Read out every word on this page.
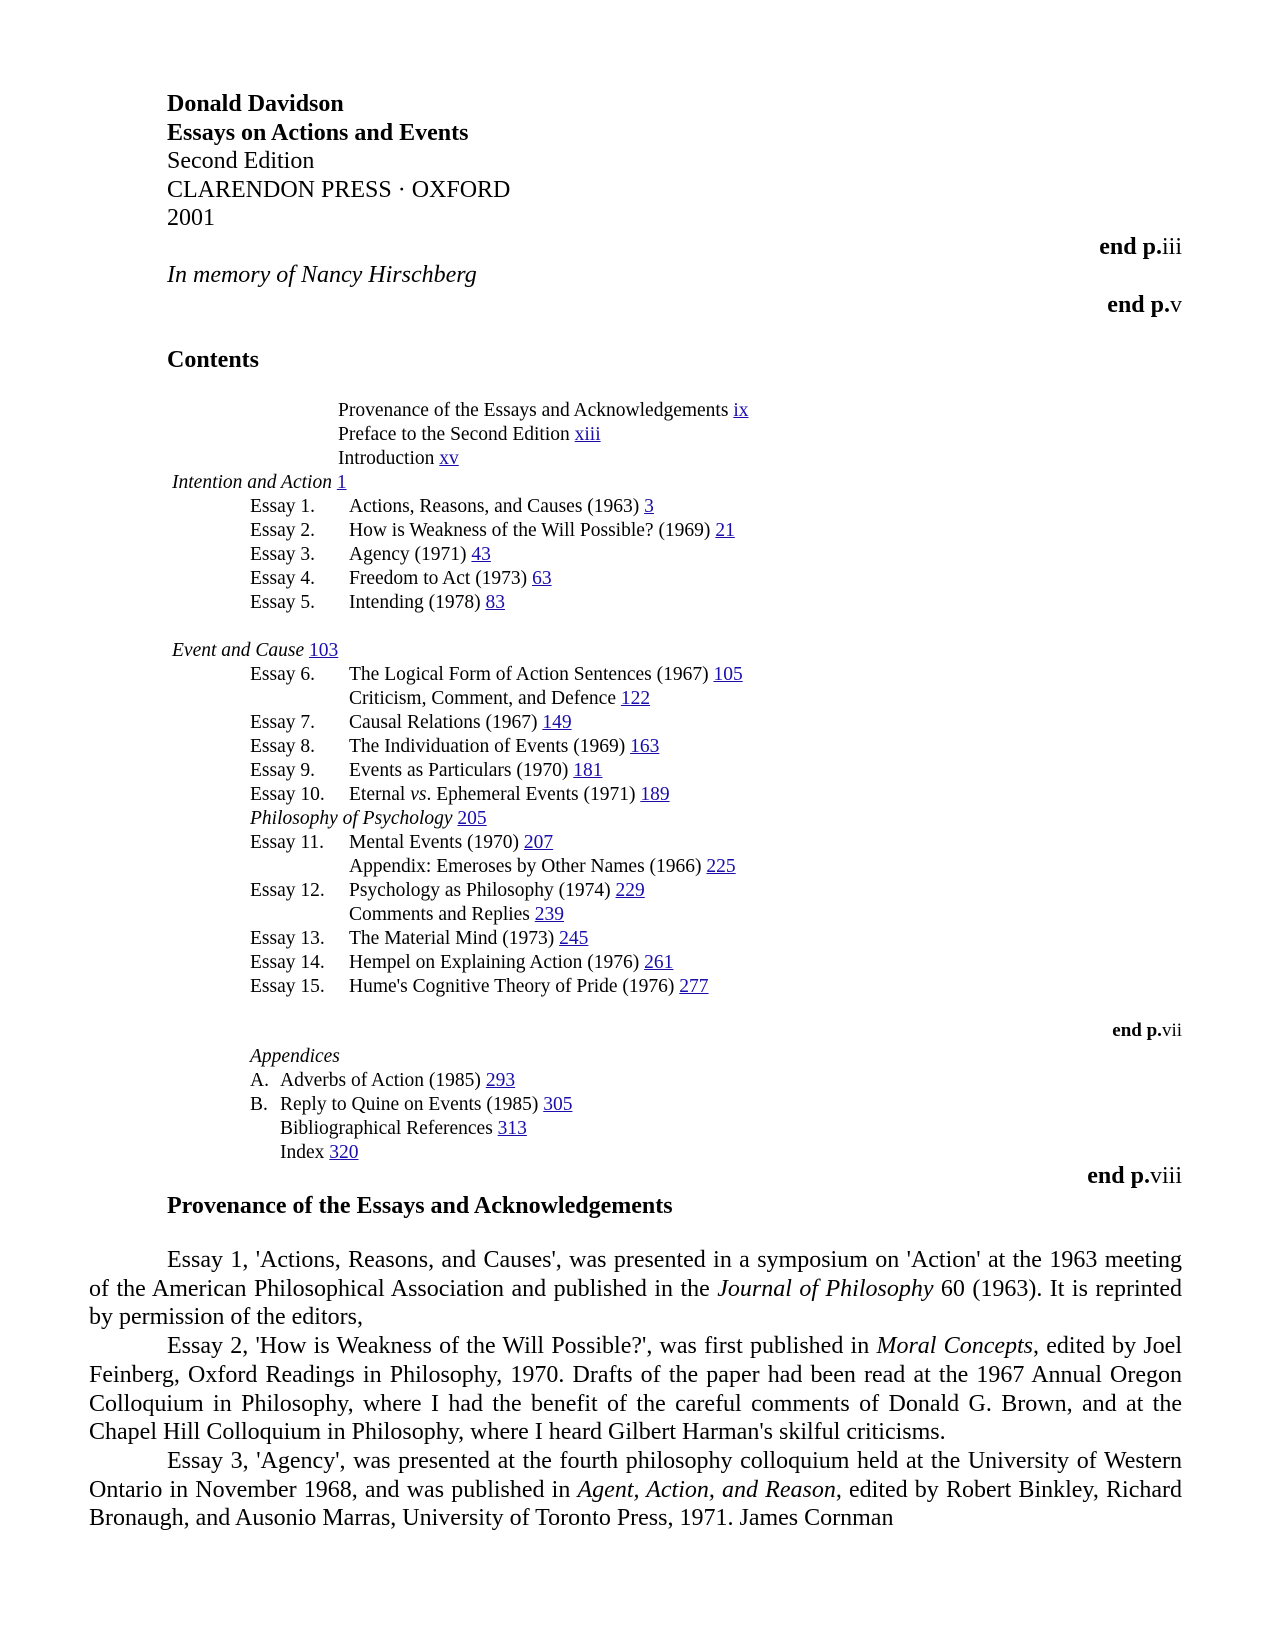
Donald Davidson
Essays on Actions and Events
Second Edition
CLARENDON PRESS · OXFORD
2001
end p.iii
In memory of Nancy Hirschberg
end p.v
Contents
Provenance of the Essays and Acknowledgements ix
Preface to the Second Edition xiii
Introduction xv
Intention and Action 1
Essay 1. Actions, Reasons, and Causes (1963) 3
Essay 2. How is Weakness of the Will Possible? (1969) 21
Essay 3. Agency (1971) 43
Essay 4. Freedom to Act (1973) 63
Essay 5. Intending (1978) 83
Event and Cause 103
Essay 6. The Logical Form of Action Sentences (1967) 105
Criticism, Comment, and Defence 122
Essay 7. Causal Relations (1967) 149
Essay 8. The Individuation of Events (1969) 163
Essay 9. Events as Particulars (1970) 181
Essay 10. Eternal vs. Ephemeral Events (1971) 189
Philosophy of Psychology 205
Essay 11. Mental Events (1970) 207
Appendix: Emeroses by Other Names (1966) 225
Essay 12. Psychology as Philosophy (1974) 229
Comments and Replies 239
Essay 13. The Material Mind (1973) 245
Essay 14. Hempel on Explaining Action (1976) 261
Essay 15. Hume's Cognitive Theory of Pride (1976) 277
Appendices
A. Adverbs of Action (1985) 293
B. Reply to Quine on Events (1985) 305
Bibliographical References 313
Index 320
end p.vii
end p.viii
Provenance of the Essays and Acknowledgements

Essay 1, 'Actions, Reasons, and Causes', was presented in a symposium on 'Action' at the 1963 meeting of the American Philosophical Association and published in the Journal of Philosophy 60 (1963). It is reprinted by permission of the editors,

Essay 2, 'How is Weakness of the Will Possible?', was first published in Moral Concepts, edited by Joel Feinberg, Oxford Readings in Philosophy, 1970. Drafts of the paper had been read at the 1967 Annual Oregon Colloquium in Philosophy, where I had the benefit of the careful comments of Donald G. Brown, and at the Chapel Hill Colloquium in Philosophy, where I heard Gilbert Harman's skilful criticisms.

Essay 3, 'Agency', was presented at the fourth philosophy colloquium held at the University of Western Ontario in November 1968, and was published in Agent, Action, and Reason, edited by Robert Binkley, Richard Bronaugh, and Ausonio Marras, University of Toronto Press, 1971. James Cornman
